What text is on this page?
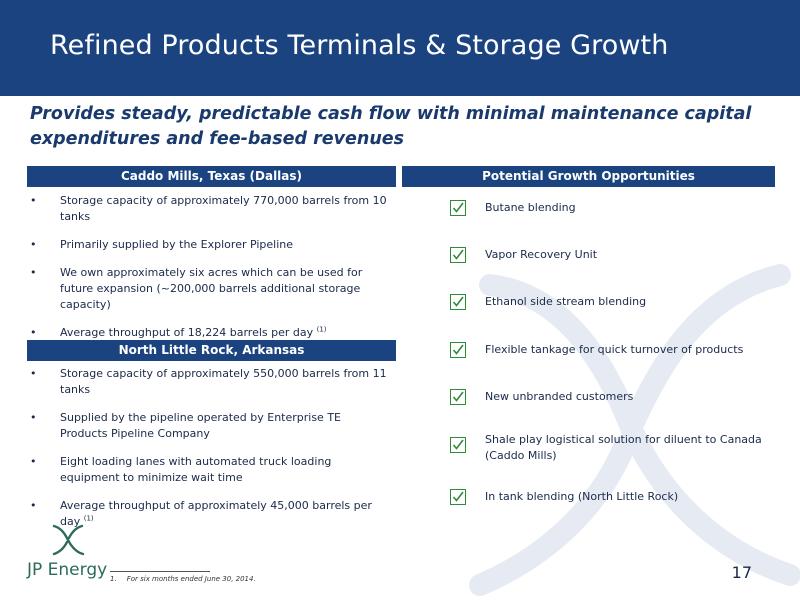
Refined Products Terminals & Storage Growth
Provides steady, predictable cash flow with minimal maintenance capital expenditures and fee-based revenues
Caddo Mills, Texas (Dallas)
• Storage capacity of approximately 770,000 barrels from 10 tanks
• Primarily supplied by the Explorer Pipeline
• We own approximately six acres which can be used for future expansion (~200,000 barrels additional storage capacity)
• Average throughput of 18,224 barrels per day $^{(1)}$
North Little Rock, Arkansas
• Storage capacity of approximately 550,000 barrels from 11 tanks
• Supplied by the pipeline operated by Enterprise TE Products Pipeline Company
• Eight loading lanes with automated truck loading equipment to minimize wait time
• Average throughput of approximately 45,000 barrels per day $^{(1)}$
Potential Growth Opportunities
Butane blending
Vapor Recovery Unit
Ethanol side stream blending
Flexible tankage for quick turnover of products
New unbranded customers
Shale play logistical solution for diluent to Canada (Caddo Mills)
In tank blending (North Little Rock)
JP Energy 1. For six months ended June 30, 2014.	17
